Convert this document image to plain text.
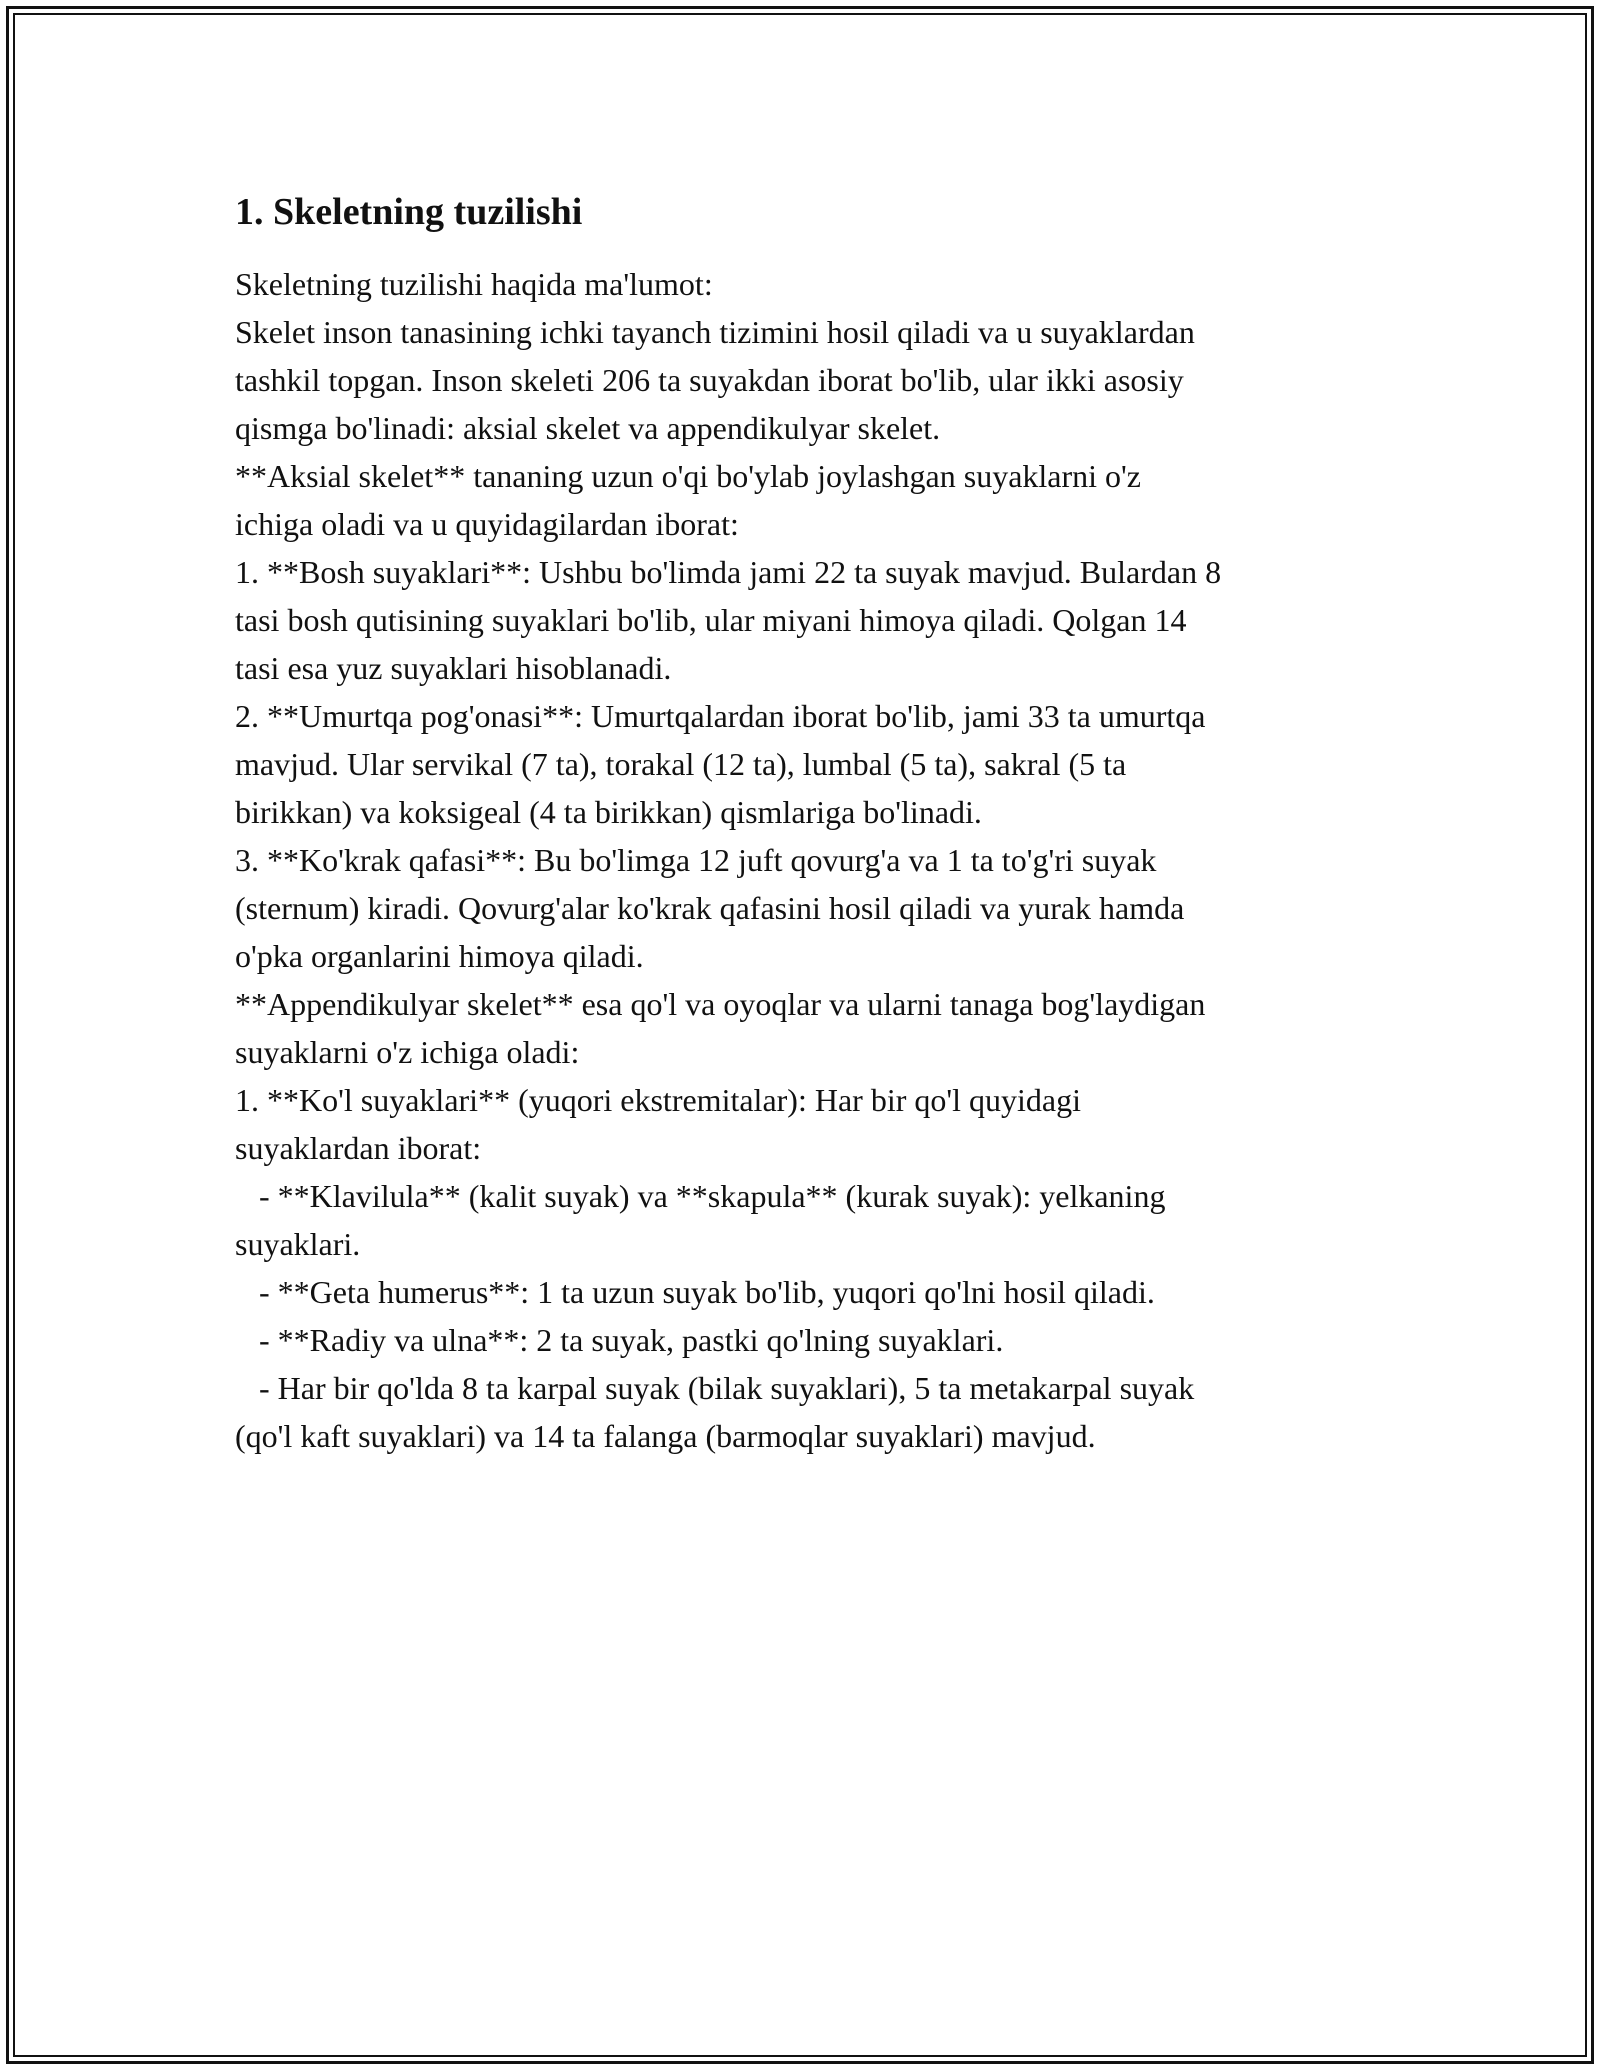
1. Skeletning tuzilishi

Skeletning tuzilishi haqida ma'lumot:

Skelet inson tanasining ichki tayanch tizimini hosil qiladi va u suyaklardan
tashkil topgan. Inson skeleti 206 ta suyakdan iborat bo'lib, ular ikki asosiy
qismga bo'linadi: aksial skelet va appendikulyar skelet.

**Aksial skelet** tananing uzun o'qi bo'ylab joylashgan suyaklarni o'z
ichiga oladi va u quyidagilardan iborat:

1. **Bosh suyaklari**: Ushbu bo'limda jami 22 ta suyak mavjud. Bulardan 8
tasi bosh qutisining suyaklari bo'lib, ular miyani himoya qiladi. Qolgan 14
tasi esa yuz suyaklari hisoblanadi.

2. **Umurtqa pog'onasi**: Umurtqalardan iborat bo'lib, jami 33 ta umurtqa
mavjud. Ular servikal (7 ta), torakal (12 ta), lumbal (5 ta), sakral (5 ta
birikkan) va koksigeal (4 ta birikkan) qismlariga bo'linadi.

3. **Ko'krak qafasi**: Bu bo'limga 12 juft qovurg'a va 1 ta to'g'ri suyak
(sternum) kiradi. Qovurg'alar ko'krak qafasini hosil qiladi va yurak hamda
o'pka organlarini himoya qiladi.

**Appendikulyar skelet** esa qo'l va oyoqlar va ularni tanaga bog'laydigan
suyaklarni o'z ichiga oladi:

1. **Ko'l suyaklari** (yuqori ekstremitalar): Har bir qo'l quyidagi
suyaklardan iborat:
- **Klavilula** (kalit suyak) va **skapula** (kurak suyak): yelkaning
suyaklari.
- **Geta humerus**: 1 ta uzun suyak bo'lib, yuqori qo'lni hosil qiladi.
- **Radiy va ulna**: 2 ta suyak, pastki qo'lning suyaklari.
- Har bir qo'lda 8 ta karpal suyak (bilak suyaklari), 5 ta metakarpal suyak
(qo'l kaft suyaklari) va 14 ta falanga (barmoqlar suyaklari) mavjud.
